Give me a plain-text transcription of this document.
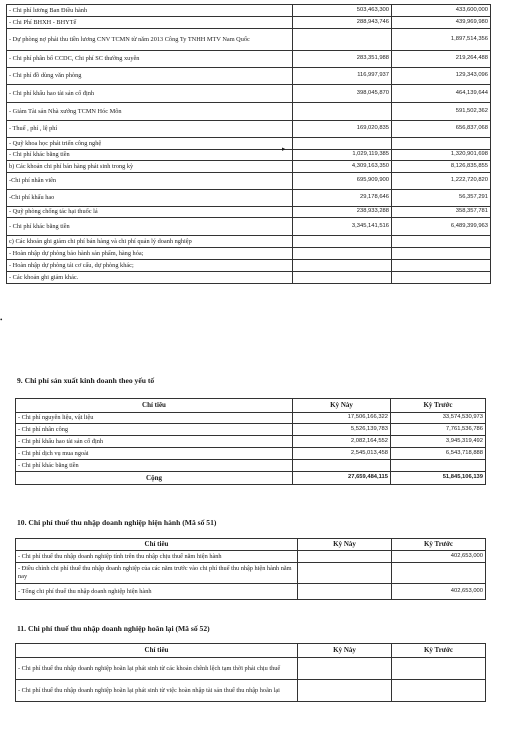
- Chi phí lương Ban Điều hành	503,463,300	433,600,000
- Chi Phí BHXH - BHYTế	288,943,746	439,969,980
- Dự phòng nợ phải thu tiền lương CNV TCMN từ năm 2013 Công Ty TNHH MTV Nam Quốc		1,897,514,356
- Chi phí phân bổ CCDC, Chi phí SC thường xuyên	283,351,988	219,264,488
- Chi phí đồ dùng văn phòng	116,997,937	129,343,096
- Chi phí khấu hao tài sản cố định	398,045,870	464,139,644
- Giảm Tài sản Nhà xưởng TCMN Hóc Môn		591,502,362
- Thuế , phí , lệ phí	169,020,835	656,837,068
- Quỹ khoa học phát triển công nghệ		
- Chi phí khác bằng tiền	1,029,119,385	1,320,901,698
b) Các khoản chi phí bán hàng phát sinh trong kỳ	4,309,163,350	8,126,835,855
-Chi phí nhân viên	695,909,900	1,222,720,820
-Chi phí khấu hao	29,178,646	56,357,291
- Quỹ phòng chống tác hại thuốc lá	238,933,288	358,357,781
- Chi phí khác bằng tiền	3,345,141,516	6,489,399,963
c) Các khoản ghi giảm chi phí bán hàng và chi phí quản lý doanh nghiệp		
- Hoàn nhập dự phòng bảo hành sản phẩm, hàng hóa;		
- Hoàn nhập dự phòng tái cơ cấu, dự phòng khác;		
- Các khoản ghi giảm khác.		
▸
•
9. Chi phí sản xuất kinh doanh theo yếu tố
Chỉ tiêu	Kỳ Này	Kỳ Trước
- Chi phí nguyên liệu, vật liệu	17,506,166,322	33,574,530,973
- Chi phí nhân công	5,526,139,783	7,761,536,786
- Chi phí khấu hao tài sản cố định	2,082,164,552	3,945,319,492
- Chi phí dịch vụ mua ngoài	2,545,013,458	6,543,718,888
- Chi phí khác bằng tiền		
Cộng	27,659,484,115	51,845,106,139
10. Chi phí thuế thu nhập doanh nghiệp hiện hành (Mã số 51)
Chỉ tiêu	Kỳ Này	Kỳ Trước
- Chi phí thuế thu nhập doanh nghiệp tính trên thu nhập chịu thuế năm hiện hành		402,653,000
- Điều chỉnh chi phí thuế thu nhập doanh nghiệp của các năm trước vào chi phí thuế thu nhập hiện hành năm nay		
- Tổng chi phí thuế thu nhập doanh nghiệp hiện hành		402,653,000
11. Chi phí thuế thu nhập doanh nghiệp hoãn lại (Mã số 52)
Chỉ tiêu	Kỳ Này	Kỳ Trước
- Chi phí thuế thu nhập doanh nghiệp hoãn lại phát sinh từ các khoản chênh lệch tạm thời phải chịu thuế		
- Chi phí thuế thu nhập doanh nghiệp hoãn lại phát sinh từ việc hoàn nhập tài sản thuế thu nhập hoãn lại		
